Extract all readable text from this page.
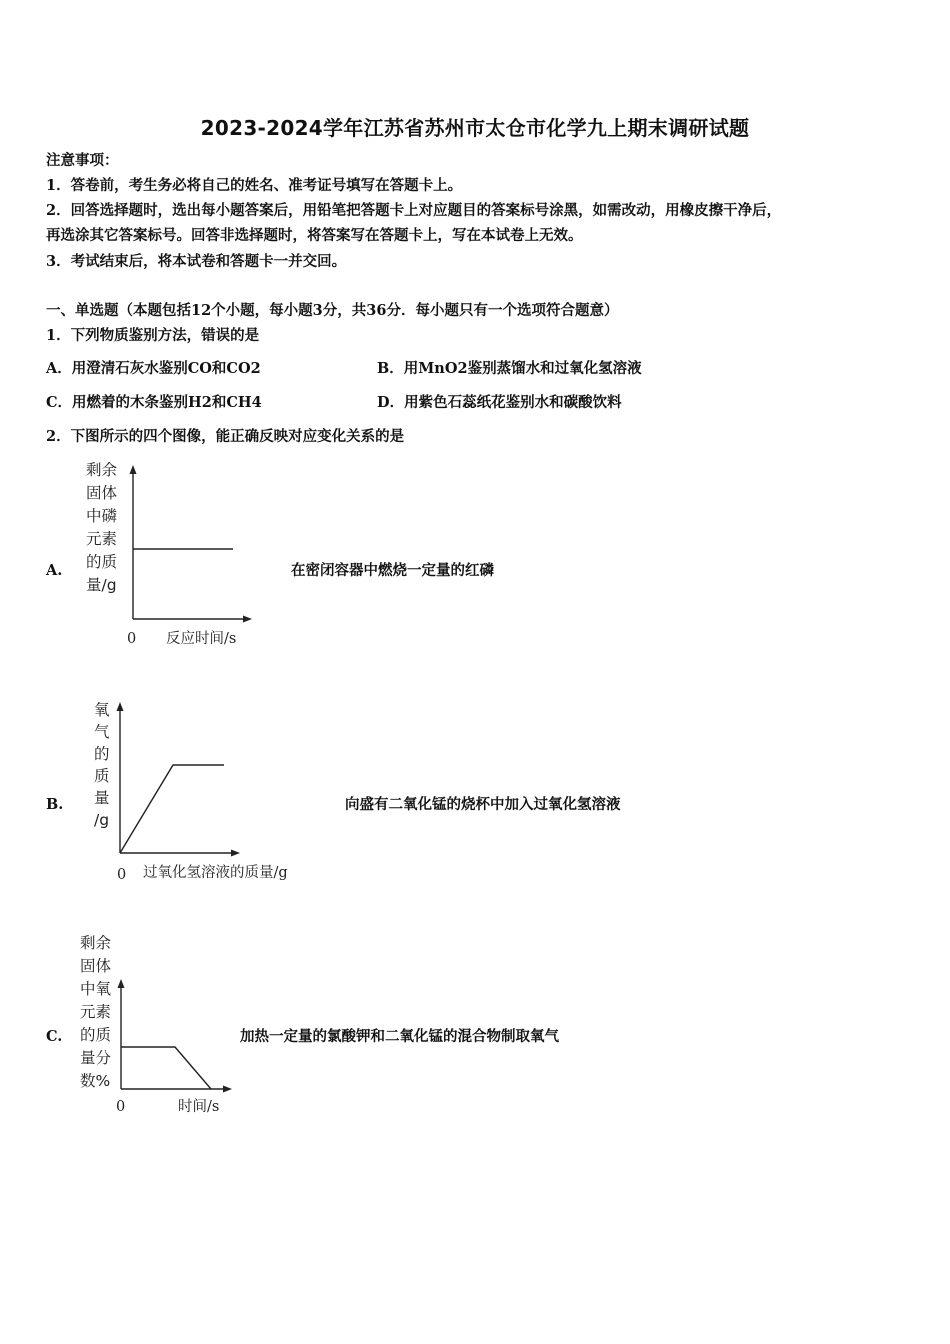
2023-2024学年江苏省苏州市太仓市化学九上期末调研试题
注意事项：
1．答卷前，考生务必将自己的姓名、准考证号填写在答题卡上。
2．回答选择题时，选出每小题答案后，用铅笔把答题卡上对应题目的答案标号涂黑，如需改动，用橡皮擦干净后，
再选涂其它答案标号。回答非选择题时，将答案写在答题卡上，写在本试卷上无效。
3．考试结束后，将本试卷和答题卡一并交回。
一、单选题（本题包括12个小题，每小题3分，共36分．每小题只有一个选项符合题意）
1．下列物质鉴别方法，错误的是
A．用澄清石灰水鉴别CO和CO2	B．用MnO2鉴别蒸馏水和过氧化氢溶液
C．用燃着的木条鉴别H2和CH4	D．用紫色石蕊纸花鉴别水和碳酸饮料
2．下图所示的四个图像，能正确反映对应变化关系的是
A.	在密闭容器中燃烧一定量的红磷
剩余
固体
中磷
元素
的质
量/g
0 反应时间/s
B.	向盛有二氧化锰的烧杯中加入过氧化氢溶液
氧
气
的
质
量
/g
0 过氧化氢溶液的质量/g
C.	加热一定量的氯酸钾和二氧化锰的混合物制取氧气
剩余
固体
中氧
元素
的质
量分
数%
0	时间/s
